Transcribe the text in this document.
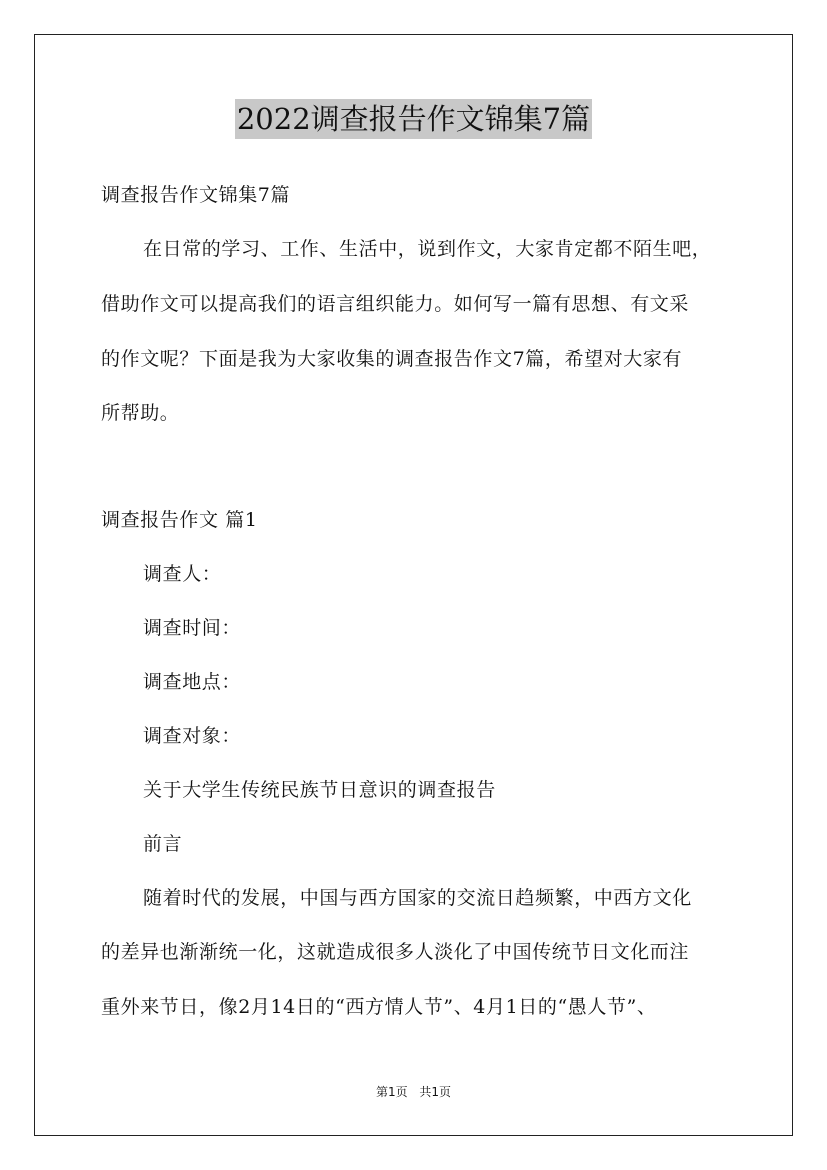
2022调查报告作文锦集7篇
调查报告作文锦集7篇
在日常的学习、工作、生活中，说到作文，大家肯定都不陌生吧，
借助作文可以提高我们的语言组织能力。如何写一篇有思想、有文采
的作文呢？下面是我为大家收集的调查报告作文7篇，希望对大家有
所帮助。
调查报告作文 篇1
调查人：
调查时间：
调查地点：
调查对象：
关于大学生传统民族节日意识的调查报告
前言
随着时代的发展，中国与西方国家的交流日趋频繁，中西方文化
的差异也渐渐统一化，这就造成很多人淡化了中国传统节日文化而注
重外来节日，像2月14日的“西方情人节”、4月1日的“愚人节”、
第1页 共1页
